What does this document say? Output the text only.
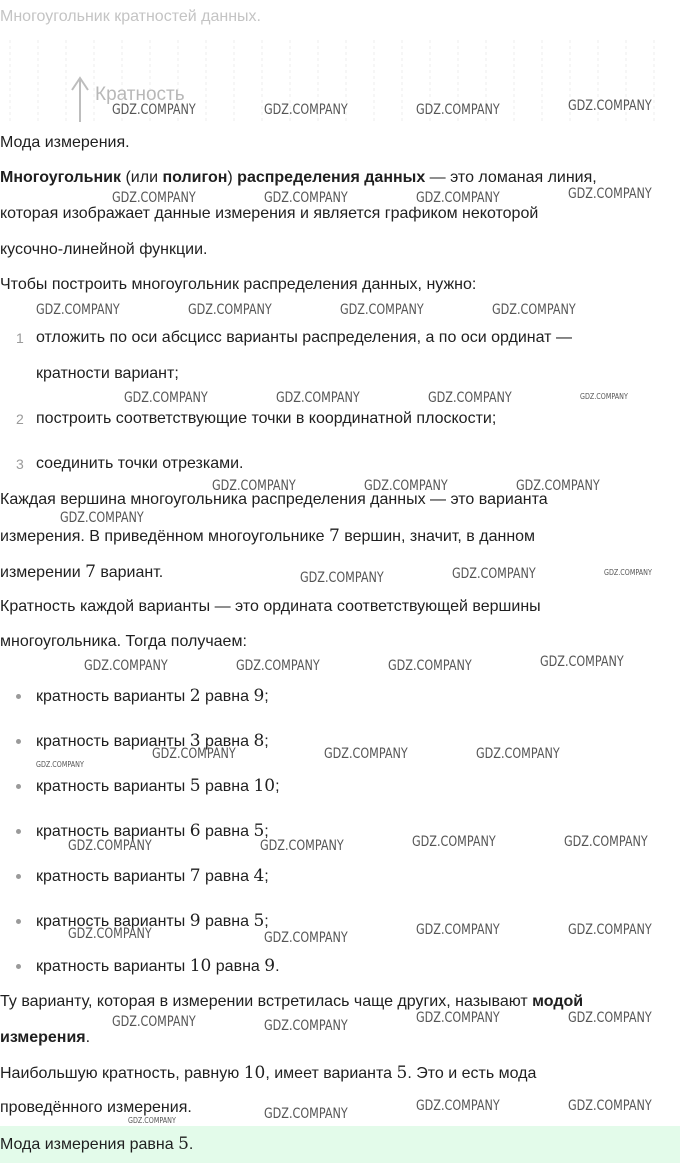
Многоугольник кратностей данных.
Кратность
Мода измерения.
Многоугольник (или полигон) распределения данных — это ломаная линия,
которая изображает данные измерения и является графиком некоторой
кусочно-линейной функции.
Чтобы построить многоугольник распределения данных, нужно:
1 отложить по оси абсцисс варианты распределения, а по оси ординат —
кратности вариант;
2 построить соответствующие точки в координатной плоскости;
3 соединить точки отрезками.
Каждая вершина многоугольника распределения данных — это варианта
измерения. В приведённом многоугольнике 7 вершин, значит, в данном
измерении 7 вариант.
Кратность каждой варианты — это ордината соответствующей вершины
многоугольника. Тогда получаем:
кратность варианты 2 равна 9;
кратность варианты 3 равна 8;
кратность варианты 5 равна 10;
кратность варианты 6 равна 5;
кратность варианты 7 равна 4;
кратность варианты 9 равна 5;
кратность варианты 10 равна 9.
Ту варианту, которая в измерении встретилась чаще других, называют модой
измерения.
Наибольшую кратность, равную 10, имеет варианта 5. Это и есть мода
проведённого измерения.
Мода измерения равна 5.
GDZ.COMPANY	GDZ.COMPANY	GDZ.COMPANY	GDZ.COMPANY
GDZ.COMPANY	GDZ.COMPANY	GDZ.COMPANY	GDZ.COMPANY
GDZ.COMPANY	GDZ.COMPANY	GDZ.COMPANY	GDZ.COMPANY
GDZ.COMPANY	GDZ.COMPANY	GDZ.COMPANY
GDZ.COMPANY	GDZ.COMPANY	GDZ.COMPANY
GDZ.COMPANY
GDZ.COMPANY	GDZ.COMPANY
GDZ.COMPANY	GDZ.COMPANY	GDZ.COMPANY	GDZ.COMPANY
GDZ.COMPANY	GDZ.COMPANY	GDZ.COMPANY
GDZ.COMPANY	GDZ.COMPANY	GDZ.COMPANY	GDZ.COMPANY
GDZ.COMPANY	GDZ.COMPANY	GDZ.COMPANY	GDZ.COMPANY
GDZ.COMPANY	GDZ.COMPANY	GDZ.COMPANY	GDZ.COMPANY
GDZ.COMPANY	GDZ.COMPANY	GDZ.COMPANY
GDZ.COMPANY
GDZ.COMPANY
GDZ.COMPANY
GDZ.COMPANY
